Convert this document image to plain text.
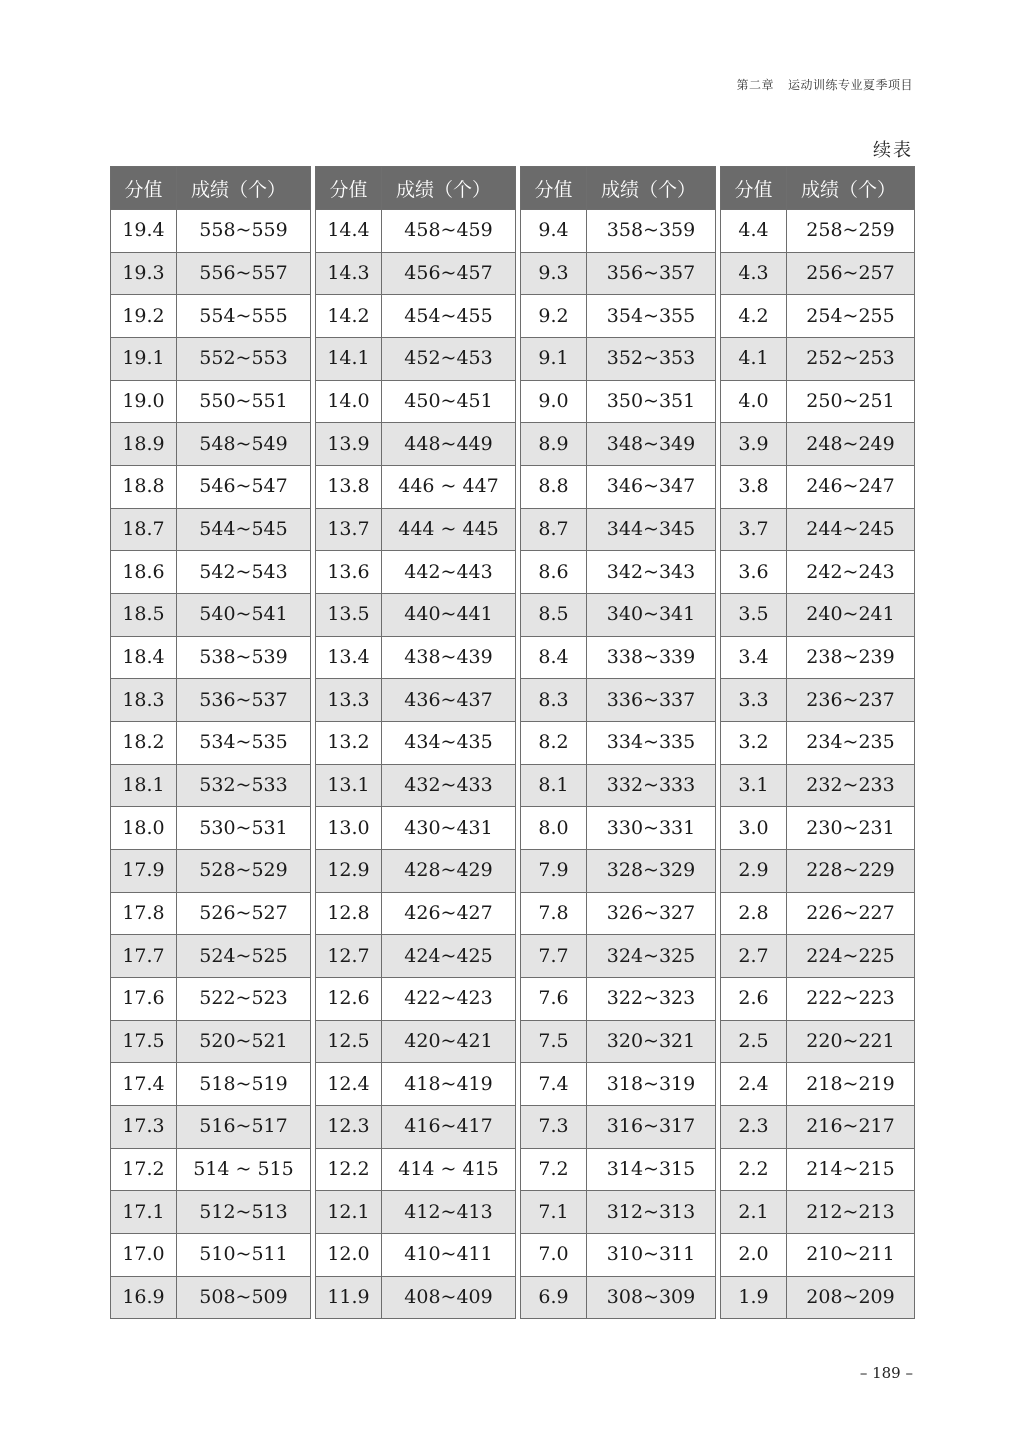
第二章 运动训练专业夏季项目
续表
分值	成绩（个）
19.4	558~559
19.3	556~557
19.2	554~555
19.1	552~553
19.0	550~551
18.9	548~549
18.8	546~547
18.7	544~545
18.6	542~543
18.5	540~541
18.4	538~539
18.3	536~537
18.2	534~535
18.1	532~533
18.0	530~531
17.9	528~529
17.8	526~527
17.7	524~525
17.6	522~523
17.5	520~521
17.4	518~519
17.3	516~517
17.2	514 ~ 515
17.1	512~513
17.0	510~511
16.9	508~509
分值	成绩（个）
14.4	458~459
14.3	456~457
14.2	454~455
14.1	452~453
14.0	450~451
13.9	448~449
13.8	446 ~ 447
13.7	444 ~ 445
13.6	442~443
13.5	440~441
13.4	438~439
13.3	436~437
13.2	434~435
13.1	432~433
13.0	430~431
12.9	428~429
12.8	426~427
12.7	424~425
12.6	422~423
12.5	420~421
12.4	418~419
12.3	416~417
12.2	414 ~ 415
12.1	412~413
12.0	410~411
11.9	408~409
分值	成绩（个）
9.4	358~359
9.3	356~357
9.2	354~355
9.1	352~353
9.0	350~351
8.9	348~349
8.8	346~347
8.7	344~345
8.6	342~343
8.5	340~341
8.4	338~339
8.3	336~337
8.2	334~335
8.1	332~333
8.0	330~331
7.9	328~329
7.8	326~327
7.7	324~325
7.6	322~323
7.5	320~321
7.4	318~319
7.3	316~317
7.2	314~315
7.1	312~313
7.0	310~311
6.9	308~309
分值	成绩（个）
4.4	258~259
4.3	256~257
4.2	254~255
4.1	252~253
4.0	250~251
3.9	248~249
3.8	246~247
3.7	244~245
3.6	242~243
3.5	240~241
3.4	238~239
3.3	236~237
3.2	234~235
3.1	232~233
3.0	230~231
2.9	228~229
2.8	226~227
2.7	224~225
2.6	222~223
2.5	220~221
2.4	218~219
2.3	216~217
2.2	214~215
2.1	212~213
2.0	210~211
1.9	208~209
– 189 –
